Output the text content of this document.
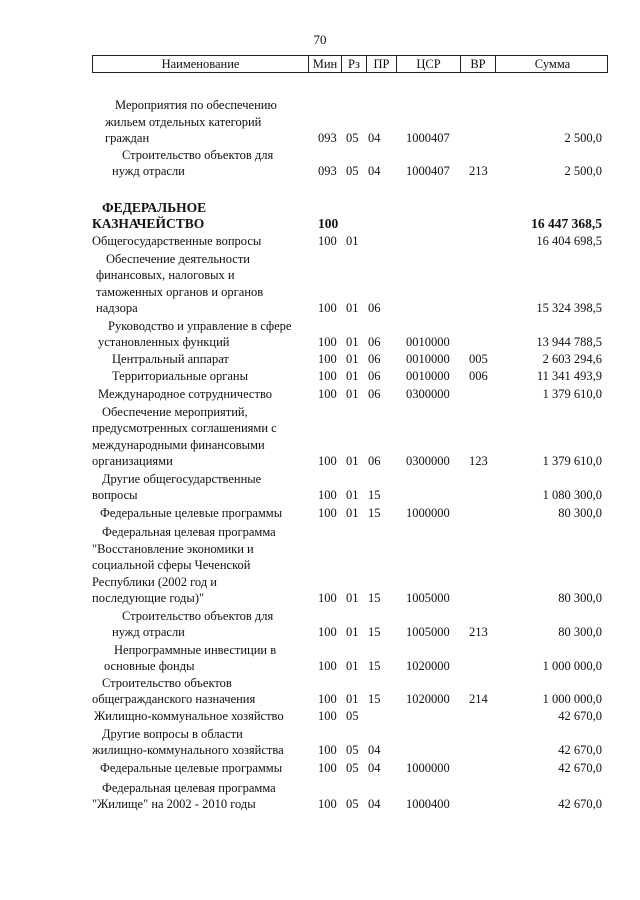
70
Наименование	Мин Рз	ПР	ЦСР	ВР	Сумма
Мероприятия по обеспечению
жильем отдельных категорий
граждан	093 05 04 1000407	2 500,0
Строительство объектов для
нужд отрасли	093 05 04 1000407 213	2 500,0
ФЕДЕРАЛЬНОЕ
КАЗНАЧЕЙСТВО	100	16 447 368,5
Общегосударственные вопросы	100 01	16 404 698,5
Обеспечение деятельности
финансовых, налоговых и
таможенных органов и органов
надзора	100 01 06	15 324 398,5
Руководство и управление в сфере
установленных функций	100 01 06 0010000	13 944 788,5
Центральный аппарат	100 01 06 0010000 005	2 603 294,6
Территориальные органы	100 01 06 0010000 006	11 341 493,9
Международное сотрудничество	100 01 06 0300000	1 379 610,0
Обеспечение мероприятий,
предусмотренных соглашениями с
международными финансовыми
организациями	100 01 06 0300000 123	1 379 610,0
Другие общегосударственные
вопросы	100 01 15	1 080 300,0
Федеральные целевые программы	100 01 15 1000000	80 300,0
Федеральная целевая программа
"Восстановление экономики и
социальной сферы Чеченской
Республики (2002 год и
последующие годы)"	100 01 15 1005000	80 300,0
Строительство объектов для
нужд отрасли	100 01 15 1005000 213	80 300,0
Непрограммные инвестиции в
основные фонды	100 01 15 1020000	1 000 000,0
Строительство объектов
общегражданского назначения	100 01 15 1020000 214	1 000 000,0
Жилищно-коммунальное хозяйство	100 05	42 670,0
Другие вопросы в области
жилищно-коммунального хозяйства	100 05 04	42 670,0
Федеральные целевые программы	100 05 04 1000000	42 670,0
Федеральная целевая программа
"Жилище" на 2002 - 2010 годы	100 05 04 1000400	42 670,0
